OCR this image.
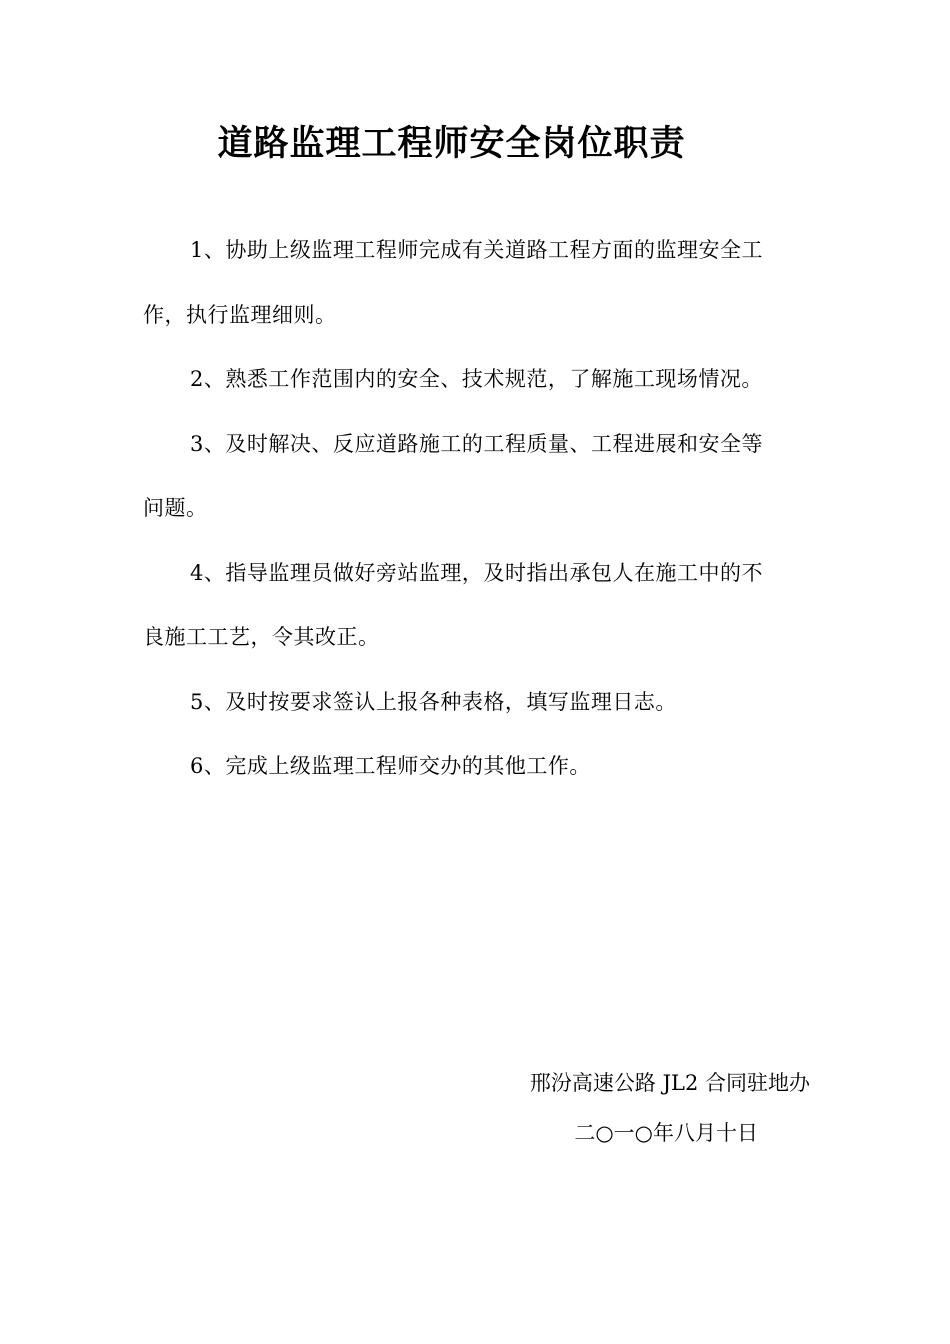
道路监理工程师安全岗位职责

1、协助上级监理工程师完成有关道路工程方面的监理安全工作，执行监理细则。

2、熟悉工作范围内的安全、技术规范，了解施工现场情况。

3、及时解决、反应道路施工的工程质量、工程进展和安全等问题。

4、指导监理员做好旁站监理，及时指出承包人在施工中的不良施工工艺，令其改正。

5、及时按要求签认上报各种表格，填写监理日志。

6、完成上级监理工程师交办的其他工作。

邢汾高速公路 JL2 合同驻地办
二○一○年八月十日
